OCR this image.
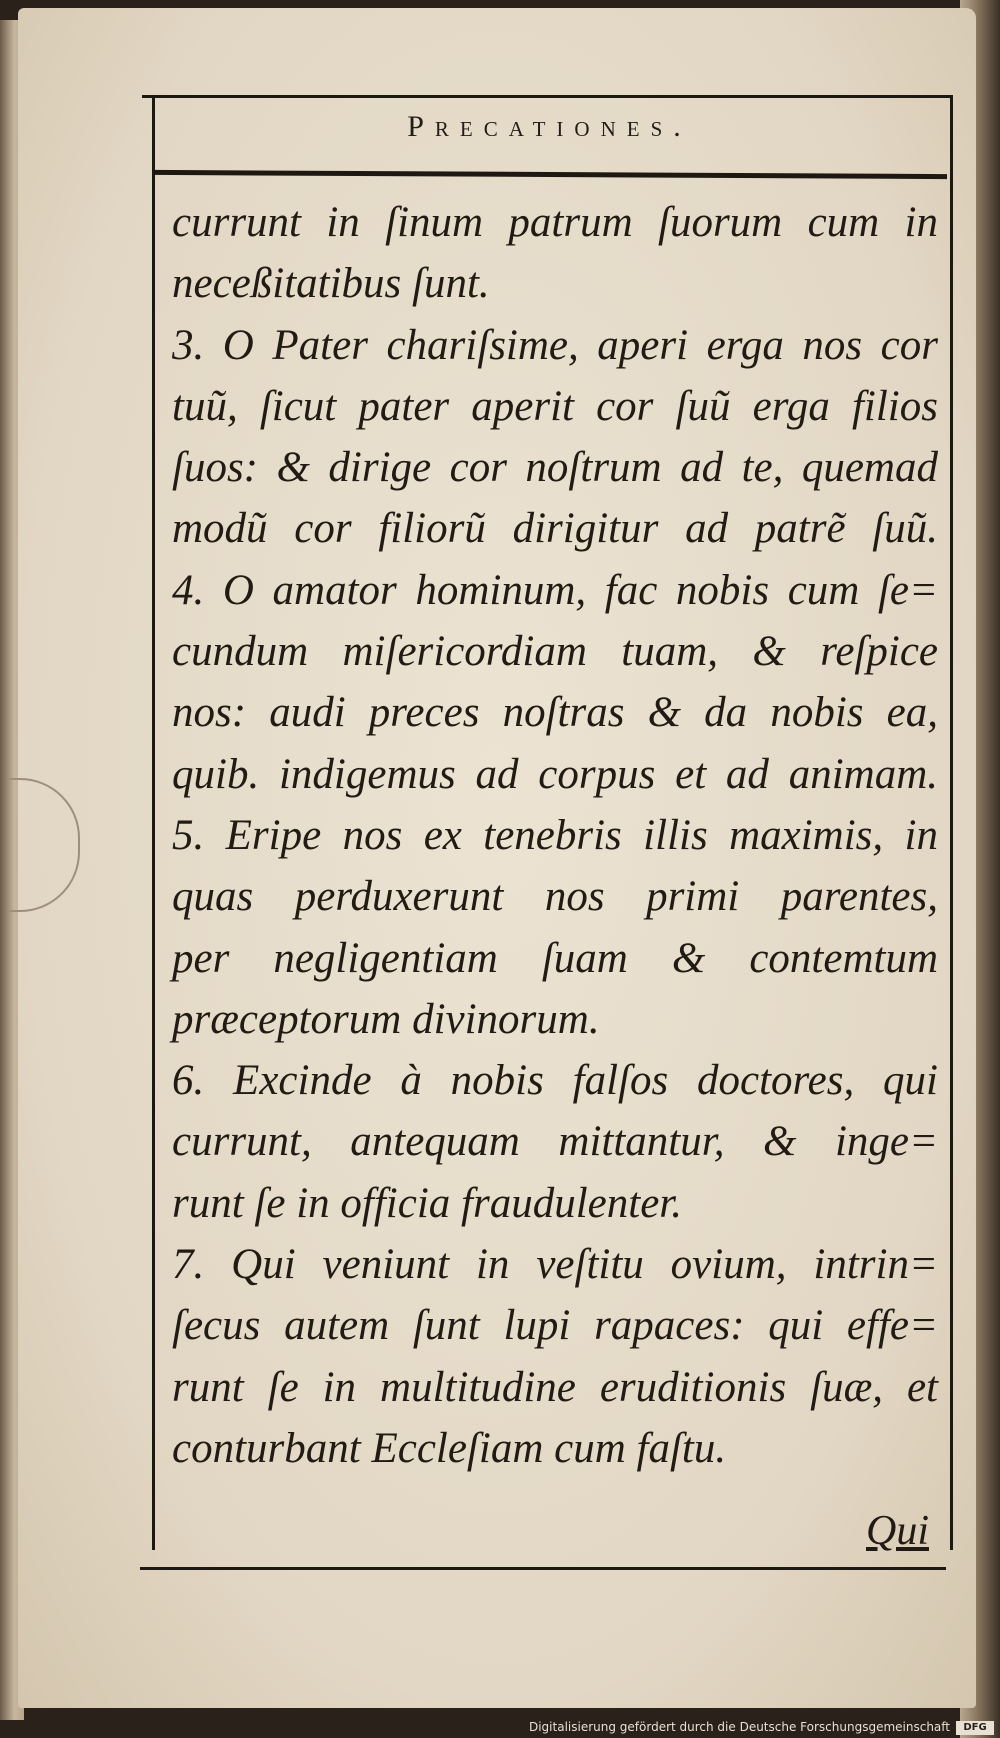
Precationes.
currunt in ſinum patrum ſuorum cum in
neceßitatibus ſunt.
3. O Pater chariſsime, aperi erga nos cor
tuũ, ſicut pater aperit cor ſuũ erga filios
ſuos: & dirige cor noſtrum ad te, quemad
modũ cor filiorũ dirigitur ad patrẽ ſuũ.
4. O amator hominum, fac nobis cum ſe=
cundum miſericordiam tuam, & reſpice
nos: audi preces noſtras & da nobis ea,
quib. indigemus ad corpus et ad animam.
5. Eripe nos ex tenebris illis maximis, in
quas perduxerunt nos primi parentes,
per negligentiam ſuam & contemtum
præceptorum divinorum.
6. Excinde à nobis falſos doctores, qui
currunt, antequam mittantur, & inge=
runt ſe in officia fraudulenter.
7. Qui veniunt in veſtitu ovium, intrin=
ſecus autem ſunt lupi rapaces: qui effe=
runt ſe in multitudine eruditionis ſuæ, et
conturbant Eccleſiam cum faſtu.
Qui
Digitalisierung gefördert durch die Deutsche Forschungsgemeinschaft	DFG
